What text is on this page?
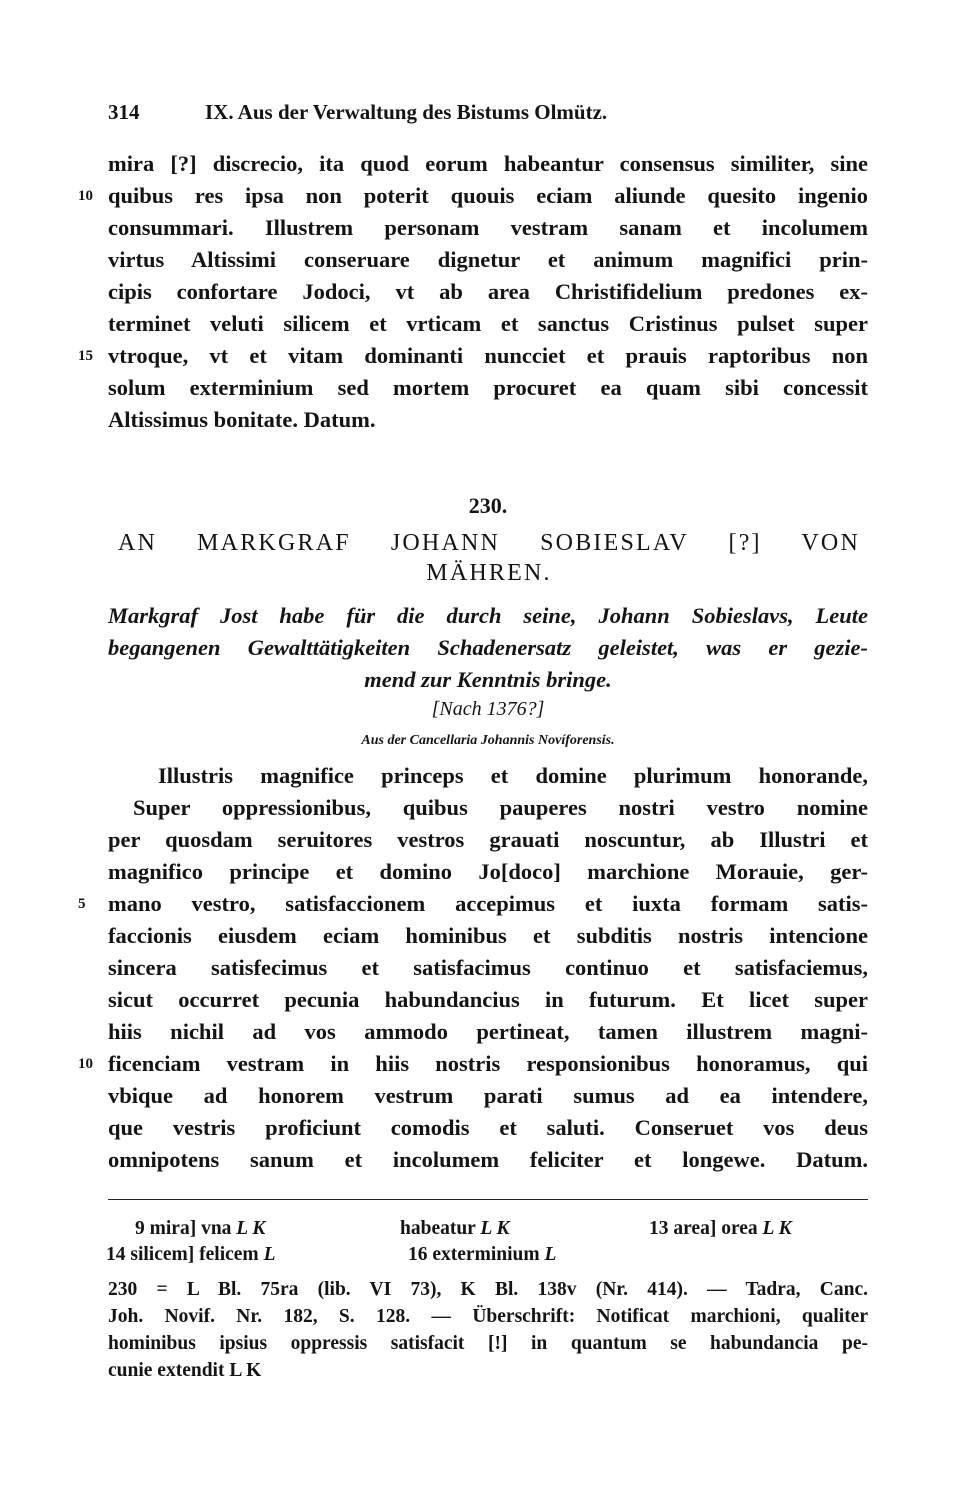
314	IX. Aus der Verwaltung des Bistums Olmütz.
mira [?] discrecio, ita quod eorum habeantur consensus similiter, sine
10 quibus res ipsa non poterit quouis eciam aliunde quesito ingenio
consummari. Illustrem personam vestram sanam et incolumem
virtus Altissimi conseruare dignetur et animum magnifici prin-
cipis confortare Jodoci, vt ab area Christifidelium predones ex-
terminet veluti silicem et vrticam et sanctus Cristinus pulset super
15 vtroque, vt et vitam dominanti nuncciet et prauis raptoribus non
solum exterminium sed mortem procuret ea quam sibi concessit
Altissimus bonitate. Datum.
230.
AN MARKGRAF JOHANN SOBIESLAV [?] VON
MÄHREN.
Markgraf Jost habe für die durch seine, Johann Sobieslavs, Leute
begangenen Gewalttätigkeiten Schadenersatz geleistet, was er gezie-
mend zur Kenntnis bringe.
[Nach 1376?]
Aus der Cancellaria Johannis Novíforensis.
Illustris magnifice princeps et domine plurimum honorande,
Super oppressionibus, quibus pauperes nostri vestro nomine
per quosdam seruitores vestros grauati noscuntur, ab Illustri et
magnifico principe et domino Jo[doco] marchione Morauie, ger-
5	mano vestro, satisfaccionem accepimus et iuxta formam satis-
faccionis eiusdem eciam hominibus et subditis nostris intencione
sincera satisfecimus et satisfacimus continuo et satisfaciemus,
sicut occurret pecunia habundancius in futurum. Et licet super
hiis nichil ad vos ammodo pertineat, tamen illustrem magni-
10 ficenciam vestram in hiis nostris responsionibus honoramus, qui
vbique ad honorem vestrum parati sumus ad ea intendere,
que vestris proficiunt comodis et saluti. Conseruet vos deus
omnipotens sanum et incolumem feliciter et longewe. Datum.
9 mira] vna L K	habeatur L K	13 area] orea L K
14 silicem] felicem L	16 exterminium L
230 = L Bl. 75ra (lib. VI 73), K Bl. 138v (Nr. 414). — Tadra, Canc.
Joh. Novif. Nr. 182, S. 128. — Überschrift: Notificat marchioni, qualiter
hominibus ipsius oppressis satisfacit [!] in quantum se habundancia pe-
cunie extendit L K
